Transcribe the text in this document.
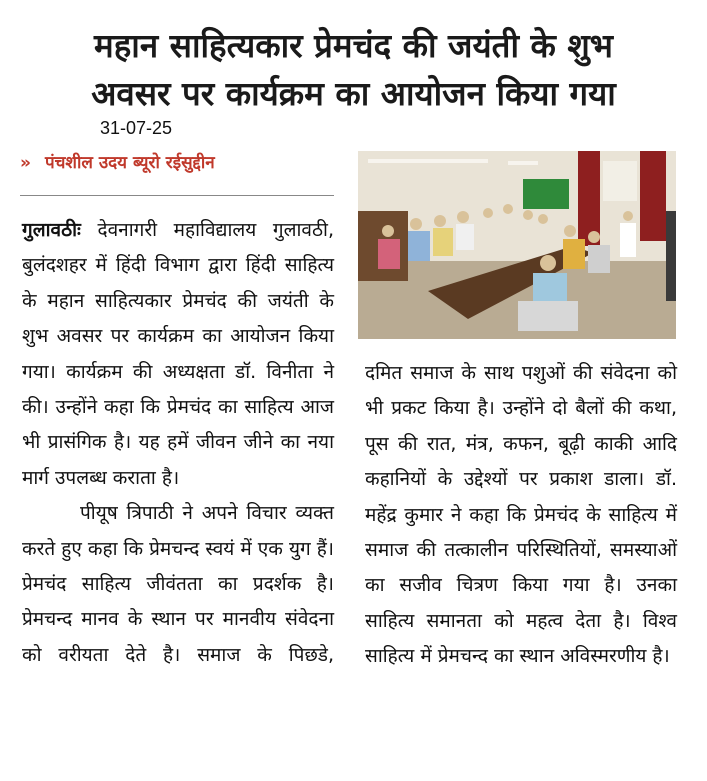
महान साहित्यकार प्रेमचंद की जयंती के शुभ
अवसर पर कार्यक्रम का आयोजन किया गया
31-07-25
» पंचशील उदय ब्यूरो रईसुद्दीन

गुलावठीः देवनागरी महाविद्यालय गुलावठी, बुलंदशहर में हिंदी विभाग द्वारा हिंदी साहित्य के महान साहित्यकार प्रेमचंद की जयंती के शुभ अवसर पर कार्यक्रम का आयोजन किया गया। कार्यक्रम की अध्यक्षता डॉ. विनीता ने की। उन्होंने कहा कि प्रेमचंद का साहित्य आज भी प्रासंगिक है। यह हमें जीवन जीने का नया मार्ग उपलब्ध कराता है।

पीयूष त्रिपाठी ने अपने विचार व्यक्त करते हुए कहा कि प्रेमचन्द स्वयं में एक युग हैं। प्रेमचंद साहित्य जीवंतता का प्रदर्शक है। प्रेमचन्द मानव के स्थान पर मानवीय संवेदना को वरीयता देते है। समाज के पिछडे,

दमित समाज के साथ पशुओं की संवेदना को भी प्रकट किया है। उन्होंने दो बैलों की कथा, पूस की रात, मंत्र, कफन, बूढ़ी काकी आदि कहानियों के उद्देश्यों पर प्रकाश डाला। डॉ. महेंद्र कुमार ने कहा कि प्रेमचंद के साहित्य में समाज की तत्कालीन परिस्थितियों, समस्याओं का सजीव चित्रण किया गया है। उनका साहित्य समानता को महत्व देता है। विश्व साहित्य में प्रेमचन्द का स्थान अविस्मरणीय है।
